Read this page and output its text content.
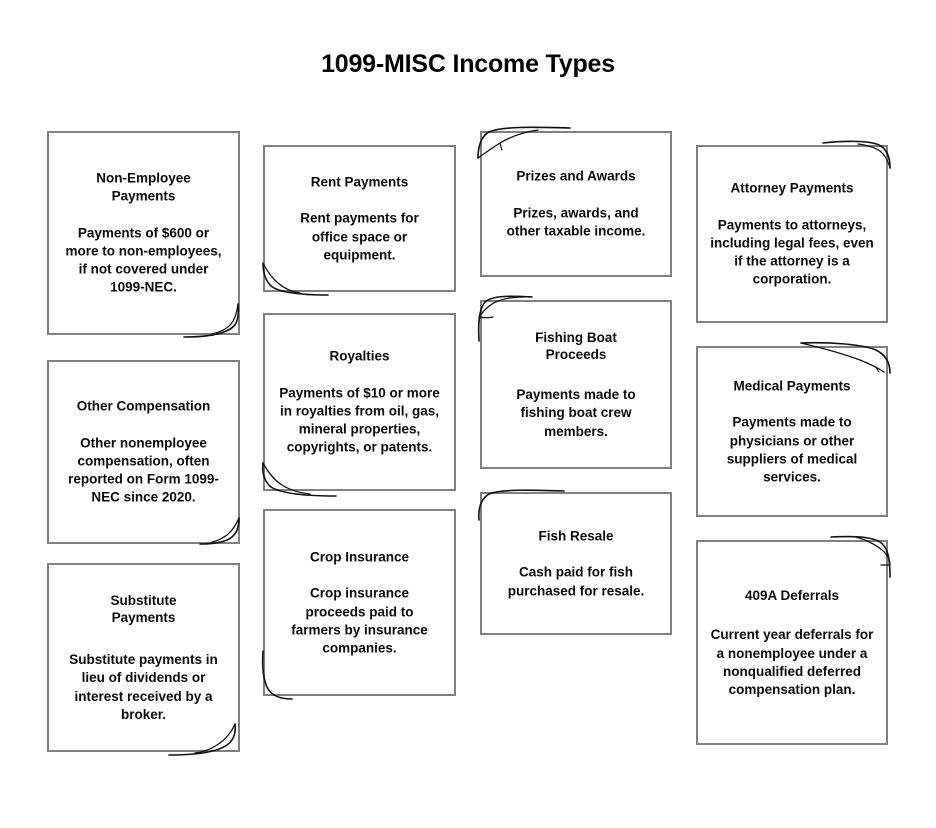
1099-MISC Income Types
Non-Employee Payments
Payments of $600 or more to non-employees, if not covered under 1099-NEC.
Other Compensation
Other nonemployee compensation, often reported on Form 1099-NEC since 2020.
Substitute Payments
Substitute payments in lieu of dividends or interest received by a broker.
Rent Payments
Rent payments for office space or equipment.
Royalties
Payments of $10 or more in royalties from oil, gas, mineral properties, copyrights, or patents.
Crop Insurance
Crop insurance proceeds paid to farmers by insurance companies.
Prizes and Awards
Prizes, awards, and other taxable income.
Fishing Boat Proceeds
Payments made to fishing boat crew members.
Fish Resale
Cash paid for fish purchased for resale.
Attorney Payments
Payments to attorneys, including legal fees, even if the attorney is a corporation.
Medical Payments
Payments made to physicians or other suppliers of medical services.
409A Deferrals
Current year deferrals for a nonemployee under a nonqualified deferred compensation plan.
